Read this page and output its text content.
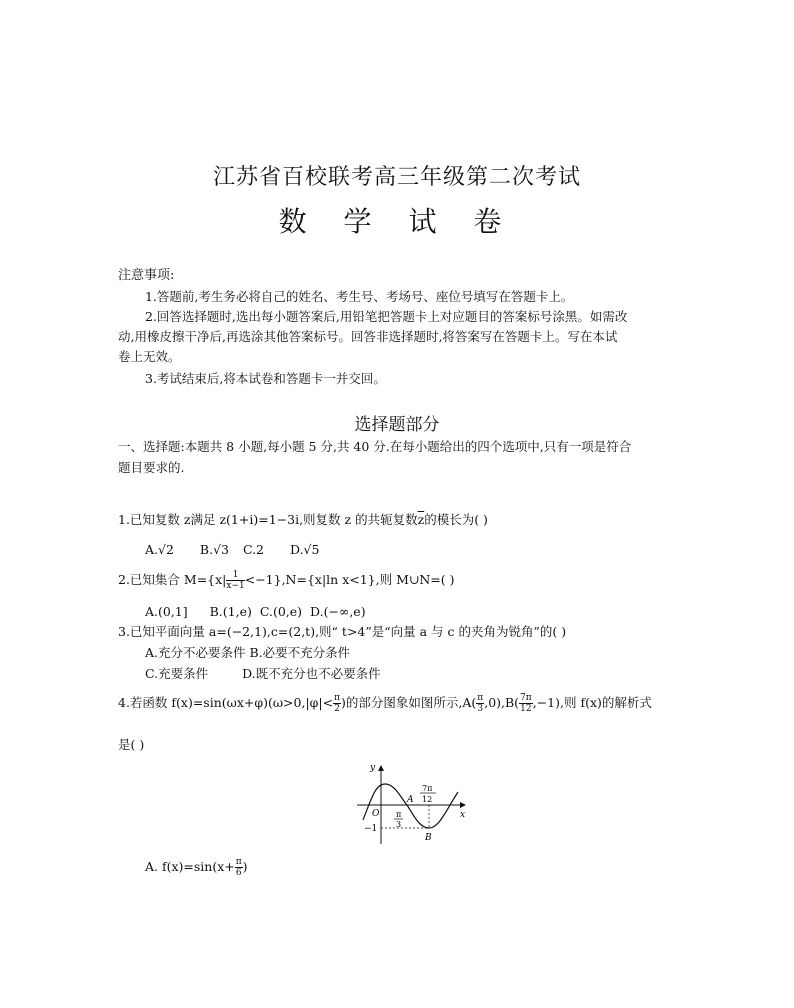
江苏省百校联考高三年级第二次考试
数 学 试 卷
注意事项:
1.答题前,考生务必将自己的姓名、考生号、考场号、座位号填写在答题卡上。
2.回答选择题时,选出每小题答案后,用铅笔把答题卡上对应题目的答案标号涂黑。如需改
动,用橡皮擦干净后,再选涂其他答案标号。回答非选择题时,将答案写在答题卡上。写在本试
卷上无效。
3.考试结束后,将本试卷和答题卡一并交回。
选择题部分
一、选择题:本题共 8 小题,每小题 5 分,共 40 分.在每小题给出的四个选项中,只有一项是符合
题目要求的.
1.已知复数 z满足 z(1+i)=1−3i,则复数 z 的共轭复数$\overline{z}$的模长为( )
A.√2 B.√3 C.2 D.√5
2.已知集合 $M=\{x| \frac{1}{x-1} <-1\},N=\{x|\ln$ x<1},则 M∪N=( )
A.(0,1] B.(1,e) C.(0,e) D.(−∞,e)
3.已知平面向量 a=(−2,1),c=(2,t),则“ t>4”是“向量 a 与 c 的夹角为锐角”的( )
A.充分不必要条件 B.必要不充分条件
C.充要条件	D.既不充分也不必要条件
4.若函数 $f(x)=\sin(\omega x+\varphi)(\omega>0,|\varphi|< \frac{\pi}{2}$ )的部分图象如图所示$,A( \frac{\pi}{3} ,0),B( \frac{7\pi}{12} ,-1)$,则 f(x)的解析式
是( )
y
x
O
A
B
−1
π
3
7π
12
A. $f(x)=\sin(x+ \frac{\pi}{6}$ )
